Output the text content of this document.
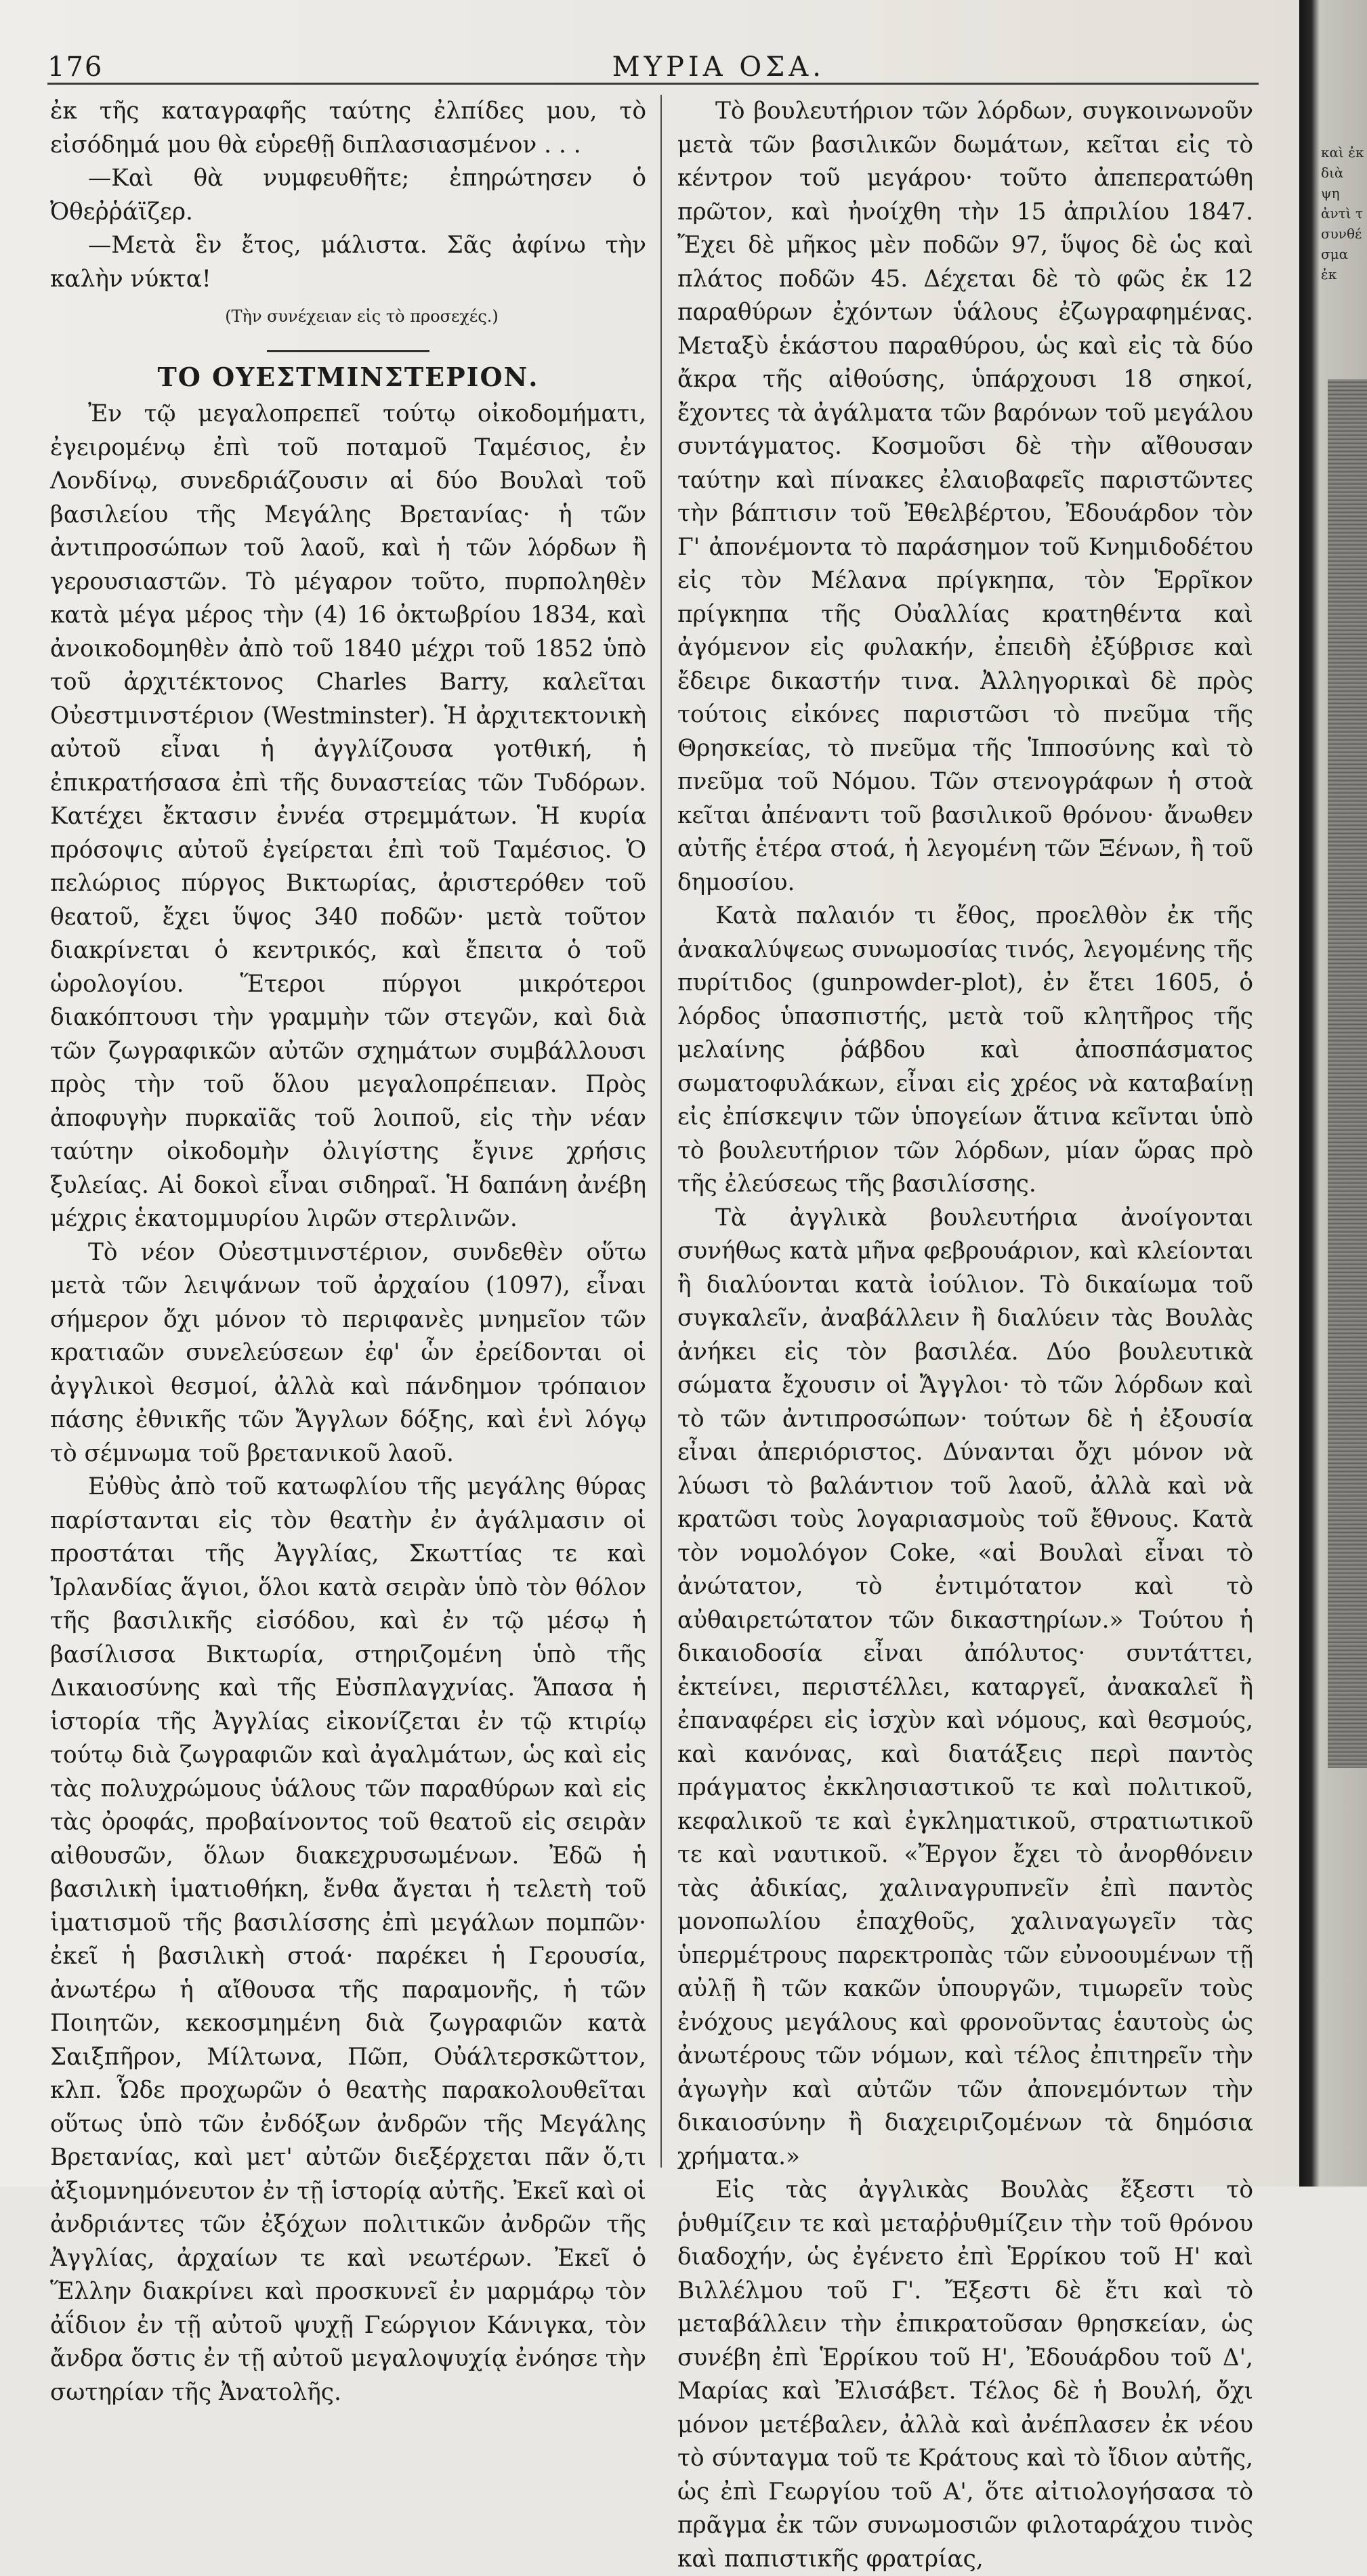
176	ΜΥΡΙΑ ΟΣΑ.

ἐκ τῆς καταγραφῆς ταύτης ἐλπίδες μου, τὸ εἰσόδημά μου θὰ εὑρεθῇ διπλασιασμένον . . .

—Καὶ θὰ νυμφευθῆτε; ἐπηρώτησεν ὁ Ὀθεῤῥάϊζερ.

—Μετὰ ἓν ἔτος, μάλιστα. Σᾶς ἀφίνω τὴν καλὴν νύκτα!

(Τὴν συνέχειαν εἰς τὸ προσεχές.)

ΤΟ ΟΥΕΣΤΜΙΝΣΤΕΡΙΟΝ.

Ἐν τῷ μεγαλοπρεπεῖ τούτῳ οἰκοδομήματι, ἐγειρομένῳ ἐπὶ τοῦ ποταμοῦ Ταμέσιος, ἐν Λονδίνῳ, συνεδριάζουσιν αἱ δύο Βουλαὶ τοῦ βασιλείου τῆς Μεγάλης Βρετανίας· ἡ τῶν ἀντιπροσώπων τοῦ λαοῦ, καὶ ἡ τῶν λόρδων ἢ γερουσιαστῶν. Τὸ μέγαρον τοῦτο, πυρποληθὲν κατὰ μέγα μέρος τὴν (4) 16 ὀκτωβρίου 1834, καὶ ἀνοικοδομηθὲν ἀπὸ τοῦ 1840 μέχρι τοῦ 1852 ὑπὸ τοῦ ἀρχιτέκτονος Charles Barry, καλεῖται Οὐεστμινστέριον (Westminster). Ἡ ἀρχιτεκτονικὴ αὐτοῦ εἶναι ἡ ἀγγλίζουσα γοτθική, ἡ ἐπικρατήσασα ἐπὶ τῆς δυναστείας τῶν Τυδόρων. Κατέχει ἔκτασιν ἐννέα στρεμμάτων. Ἡ κυρία πρόσοψις αὐτοῦ ἐγείρεται ἐπὶ τοῦ Ταμέσιος. Ὁ πελώριος πύργος Βικτωρίας, ἀριστερόθεν τοῦ θεατοῦ, ἔχει ὕψος 340 ποδῶν· μετὰ τοῦτον διακρίνεται ὁ κεντρικός, καὶ ἔπειτα ὁ τοῦ ὡρολογίου. Ἕτεροι πύργοι μικρότεροι διακόπτουσι τὴν γραμμὴν τῶν στεγῶν, καὶ διὰ τῶν ζωγραφικῶν αὐτῶν σχημάτων συμβάλλουσι πρὸς τὴν τοῦ ὅλου μεγαλοπρέπειαν. Πρὸς ἀποφυγὴν πυρκαϊᾶς τοῦ λοιποῦ, εἰς τὴν νέαν ταύτην οἰκοδομὴν ὀλιγίστης ἔγινε χρήσις ξυλείας. Αἱ δοκοὶ εἶναι σιδηραῖ. Ἡ δαπάνη ἀνέβη μέχρις ἑκατομμυρίου λιρῶν στερλινῶν.

Τὸ νέον Οὐεστμινστέριον, συνδεθὲν οὕτω μετὰ τῶν λειψάνων τοῦ ἀρχαίου (1097), εἶναι σήμερον ὄχι μόνον τὸ περιφανὲς μνημεῖον τῶν κρατιαῶν συνελεύσεων ἐφ' ὧν ἐρείδονται οἱ ἀγγλικοὶ θεσμοί, ἀλλὰ καὶ πάνδημον τρόπαιον πάσης ἐθνικῆς τῶν Ἄγγλων δόξης, καὶ ἑνὶ λόγῳ τὸ σέμνωμα τοῦ βρετανικοῦ λαοῦ.

Εὐθὺς ἀπὸ τοῦ κατωφλίου τῆς μεγάλης θύρας παρίστανται εἰς τὸν θεατὴν ἐν ἀγάλμασιν οἱ προστάται τῆς Ἀγγλίας, Σκωττίας τε καὶ Ἰρλανδίας ἅγιοι, ὅλοι κατὰ σειρὰν ὑπὸ τὸν θόλον τῆς βασιλικῆς εἰσόδου, καὶ ἐν τῷ μέσῳ ἡ βασίλισσα Βικτωρία, στηριζομένη ὑπὸ τῆς Δικαιοσύνης καὶ τῆς Εὐσπλαγχνίας. Ἅπασα ἡ ἱστορία τῆς Ἀγγλίας εἰκονίζεται ἐν τῷ κτιρίῳ τούτῳ διὰ ζωγραφιῶν καὶ ἀγαλμάτων, ὡς καὶ εἰς τὰς πολυχρώμους ὑάλους τῶν παραθύρων καὶ εἰς τὰς ὀροφάς, προβαίνοντος τοῦ θεατοῦ εἰς σειρὰν αἰθουσῶν, ὅλων διακεχρυσωμένων. Ἐδῶ ἡ βασιλικὴ ἱματιοθήκη, ἔνθα ἄγεται ἡ τελετὴ τοῦ ἱματισμοῦ τῆς βασιλίσσης ἐπὶ μεγάλων πομπῶν· ἐκεῖ ἡ βασιλικὴ στοά· παρέκει ἡ Γερουσία, ἀνωτέρω ἡ αἴθουσα τῆς παραμονῆς, ἡ τῶν Ποιητῶν, κεκοσμημένη διὰ ζωγραφιῶν κατὰ Σαιξπῆρον, Μίλτωνα, Πῶπ, Οὐάλτερσκῶττον, κλπ. Ὧδε προχωρῶν ὁ θεατὴς παρακολουθεῖται οὕτως ὑπὸ τῶν ἐνδόξων ἀνδρῶν τῆς Μεγάλης Βρετανίας, καὶ μετ' αὐτῶν διεξέρχεται πᾶν ὅ,τι ἀξιομνημόνευτον ἐν τῇ ἱστορίᾳ αὐτῆς. Ἐκεῖ καὶ οἱ ἀνδριάντες τῶν ἐξόχων πολιτικῶν ἀνδρῶν τῆς Ἀγγλίας, ἀρχαίων τε καὶ νεωτέρων. Ἐκεῖ ὁ Ἕλλην διακρίνει καὶ προσκυνεῖ ἐν μαρμάρῳ τὸν ἀΐδιον ἐν τῇ αὐτοῦ ψυχῇ Γεώργιον Κάνιγκα, τὸν ἄνδρα ὅστις ἐν τῇ αὐτοῦ μεγαλοψυχίᾳ ἐνόησε τὴν σωτηρίαν τῆς Ἀνατολῆς.

Τὸ βουλευτήριον τῶν λόρδων, συγκοινωνοῦν μετὰ τῶν βασιλικῶν δωμάτων, κεῖται εἰς τὸ κέντρον τοῦ μεγάρου· τοῦτο ἀπεπερατώθη πρῶτον, καὶ ἠνοίχθη τὴν 15 ἀπριλίου 1847. Ἔχει δὲ μῆκος μὲν ποδῶν 97, ὕψος δὲ ὡς καὶ πλάτος ποδῶν 45. Δέχεται δὲ τὸ φῶς ἐκ 12 παραθύρων ἐχόντων ὑάλους ἐζωγραφημένας. Μεταξὺ ἑκάστου παραθύρου, ὡς καὶ εἰς τὰ δύο ἄκρα τῆς αἰθούσης, ὑπάρχουσι 18 σηκοί, ἔχοντες τὰ ἀγάλματα τῶν βαρόνων τοῦ μεγάλου συντάγματος. Κοσμοῦσι δὲ τὴν αἴθουσαν ταύτην καὶ πίνακες ἐλαιοβαφεῖς παριστῶντες τὴν βάπτισιν τοῦ Ἐθελβέρτου, Ἐδουάρδον τὸν Γ' ἀπονέμοντα τὸ παράσημον τοῦ Κνημιδοδέτου εἰς τὸν Μέλανα πρίγκηπα, τὸν Ἑρρῖκον πρίγκηπα τῆς Οὐαλλίας κρατηθέντα καὶ ἀγόμενον εἰς φυλακήν, ἐπειδὴ ἐξύβρισε καὶ ἔδειρε δικαστήν τινα. Ἀλληγορικαὶ δὲ πρὸς τούτοις εἰκόνες παριστῶσι τὸ πνεῦμα τῆς Θρησκείας, τὸ πνεῦμα τῆς Ἱπποσύνης καὶ τὸ πνεῦμα τοῦ Νόμου. Τῶν στενογράφων ἡ στοὰ κεῖται ἀπέναντι τοῦ βασιλικοῦ θρόνου· ἄνωθεν αὐτῆς ἑτέρα στοά, ἡ λεγομένη τῶν Ξένων, ἢ τοῦ δημοσίου.

Κατὰ παλαιόν τι ἔθος, προελθὸν ἐκ τῆς ἀνακαλύψεως συνωμοσίας τινός, λεγομένης τῆς πυρίτιδος (gunpowder-plot), ἐν ἔτει 1605, ὁ λόρδος ὑπασπιστής, μετὰ τοῦ κλητῆρος τῆς μελαίνης ῥάβδου καὶ ἀποσπάσματος σωματοφυλάκων, εἶναι εἰς χρέος νὰ καταβαίνῃ εἰς ἐπίσκεψιν τῶν ὑπογείων ἅτινα κεῖνται ὑπὸ τὸ βουλευτήριον τῶν λόρδων, μίαν ὥρας πρὸ τῆς ἐλεύσεως τῆς βασιλίσσης.

Τὰ ἀγγλικὰ βουλευτήρια ἀνοίγονται συνήθως κατὰ μῆνα φεβρουάριον, καὶ κλείονται ἢ διαλύονται κατὰ ἰούλιον. Τὸ δικαίωμα τοῦ συγκαλεῖν, ἀναβάλλειν ἢ διαλύειν τὰς Βουλὰς ἀνήκει εἰς τὸν βασιλέα. Δύο βουλευτικὰ σώματα ἔχουσιν οἱ Ἄγγλοι· τὸ τῶν λόρδων καὶ τὸ τῶν ἀντιπροσώπων· τούτων δὲ ἡ ἐξουσία εἶναι ἀπεριόριστος. Δύνανται ὄχι μόνον νὰ λύωσι τὸ βαλάντιον τοῦ λαοῦ, ἀλλὰ καὶ νὰ κρατῶσι τοὺς λογαριασμοὺς τοῦ ἔθνους. Κατὰ τὸν νομολόγον Coke, «αἱ Βουλαὶ εἶναι τὸ ἀνώτατον, τὸ ἐντιμότατον καὶ τὸ αὐθαιρετώτατον τῶν δικαστηρίων.» Τούτου ἡ δικαιοδοσία εἶναι ἀπόλυτος· συντάττει, ἐκτείνει, περιστέλλει, καταργεῖ, ἀνακαλεῖ ἢ ἐπαναφέρει εἰς ἰσχὺν καὶ νόμους, καὶ θεσμούς, καὶ κανόνας, καὶ διατάξεις περὶ παντὸς πράγματος ἐκκλησιαστικοῦ τε καὶ πολιτικοῦ, κεφαλικοῦ τε καὶ ἐγκληματικοῦ, στρατιωτικοῦ τε καὶ ναυτικοῦ. «Ἔργον ἔχει τὸ ἀνορθόνειν τὰς ἀδικίας, χαλιναγρυπνεῖν ἐπὶ παντὸς μονοπωλίου ἐπαχθοῦς, χαλιναγωγεῖν τὰς ὑπερμέτρους παρεκτροπὰς τῶν εὐνοουμένων τῇ αὐλῇ ἢ τῶν κακῶν ὑπουργῶν, τιμωρεῖν τοὺς ἐνόχους μεγάλους καὶ φρονοῦντας ἑαυτοὺς ὡς ἀνωτέρους τῶν νόμων, καὶ τέλος ἐπιτηρεῖν τὴν ἀγωγὴν καὶ αὐτῶν τῶν ἀπονεμόντων τὴν δικαιοσύνην ἢ διαχειριζομένων τὰ δημόσια χρήματα.»

Εἰς τὰς ἀγγλικὰς Βουλὰς ἔξεστι τὸ ῥυθμίζειν τε καὶ μεταῤῥυθμίζειν τὴν τοῦ θρόνου διαδοχήν, ὡς ἐγένετο ἐπὶ Ἑρρίκου τοῦ Η' καὶ Βιλλέλμου τοῦ Γ'. Ἔξεστι δὲ ἔτι καὶ τὸ μεταβάλλειν τὴν ἐπικρατοῦσαν θρησκείαν, ὡς συνέβη ἐπὶ Ἑρρίκου τοῦ Η', Ἐδουάρδου τοῦ Δ', Μαρίας καὶ Ἐλισάβετ. Τέλος δὲ ἡ Βουλή, ὄχι μόνον μετέβαλεν, ἀλλὰ καὶ ἀνέπλασεν ἐκ νέου τὸ σύνταγμα τοῦ τε Κράτους καὶ τὸ ἴδιον αὐτῆς, ὡς ἐπὶ Γεωργίου τοῦ Α', ὅτε αἰτιολογήσασα τὸ πρᾶγμα ἐκ τῶν συνωμοσιῶν φιλοταράχου τινὸς καὶ παπιστικῆς φρατρίας,

καὶ ἐκ
διὰ ψη
ἀντὶ τ
συνθέ
σμα ἐκ
